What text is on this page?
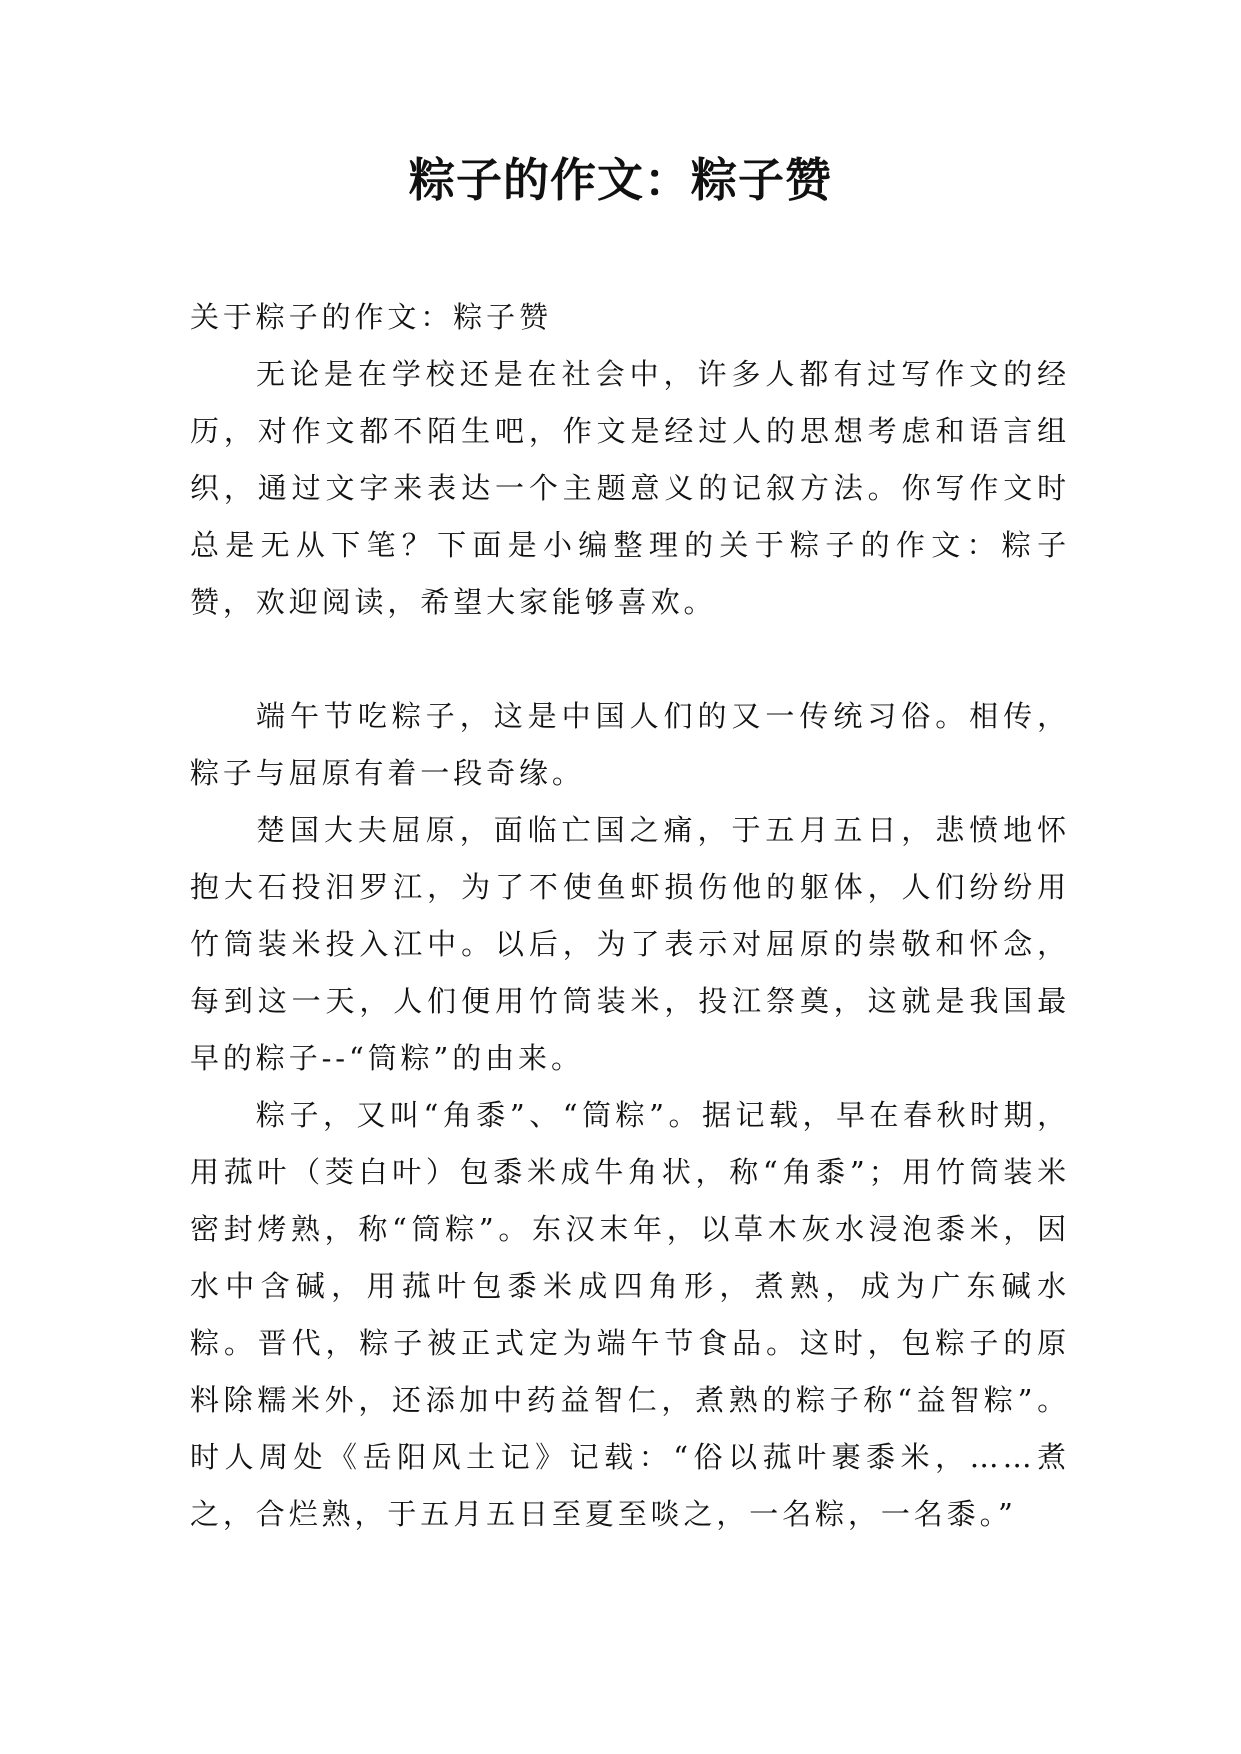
粽子的作文：粽子赞

关于粽子的作文：粽子赞

无论是在学校还是在社会中，许多人都有过写作文的经历，对作文都不陌生吧，作文是经过人的思想考虑和语言组织，通过文字来表达一个主题意义的记叙方法。你写作文时总是无从下笔？下面是小编整理的关于粽子的作文：粽子赞，欢迎阅读，希望大家能够喜欢。

端午节吃粽子，这是中国人们的又一传统习俗。相传，粽子与屈原有着一段奇缘。

楚国大夫屈原，面临亡国之痛，于五月五日，悲愤地怀抱大石投汨罗江，为了不使鱼虾损伤他的躯体，人们纷纷用竹筒装米投入江中。以后，为了表示对屈原的崇敬和怀念，每到这一天，人们便用竹筒装米，投江祭奠，这就是我国最早的粽子--“筒粽”的由来。

粽子，又叫“角黍”、“筒粽”。据记载，早在春秋时期，用菰叶（茭白叶）包黍米成牛角状，称“角黍”；用竹筒装米密封烤熟，称“筒粽”。东汉末年，以草木灰水浸泡黍米，因水中含碱，用菰叶包黍米成四角形，煮熟，成为广东碱水粽。晋代，粽子被正式定为端午节食品。这时，包粽子的原料除糯米外，还添加中药益智仁，煮熟的粽子称“益智粽”。时人周处《岳阳风土记》记载：“俗以菰叶裹黍米，……煮之，合烂熟，于五月五日至夏至啖之，一名粽，一名黍。”
